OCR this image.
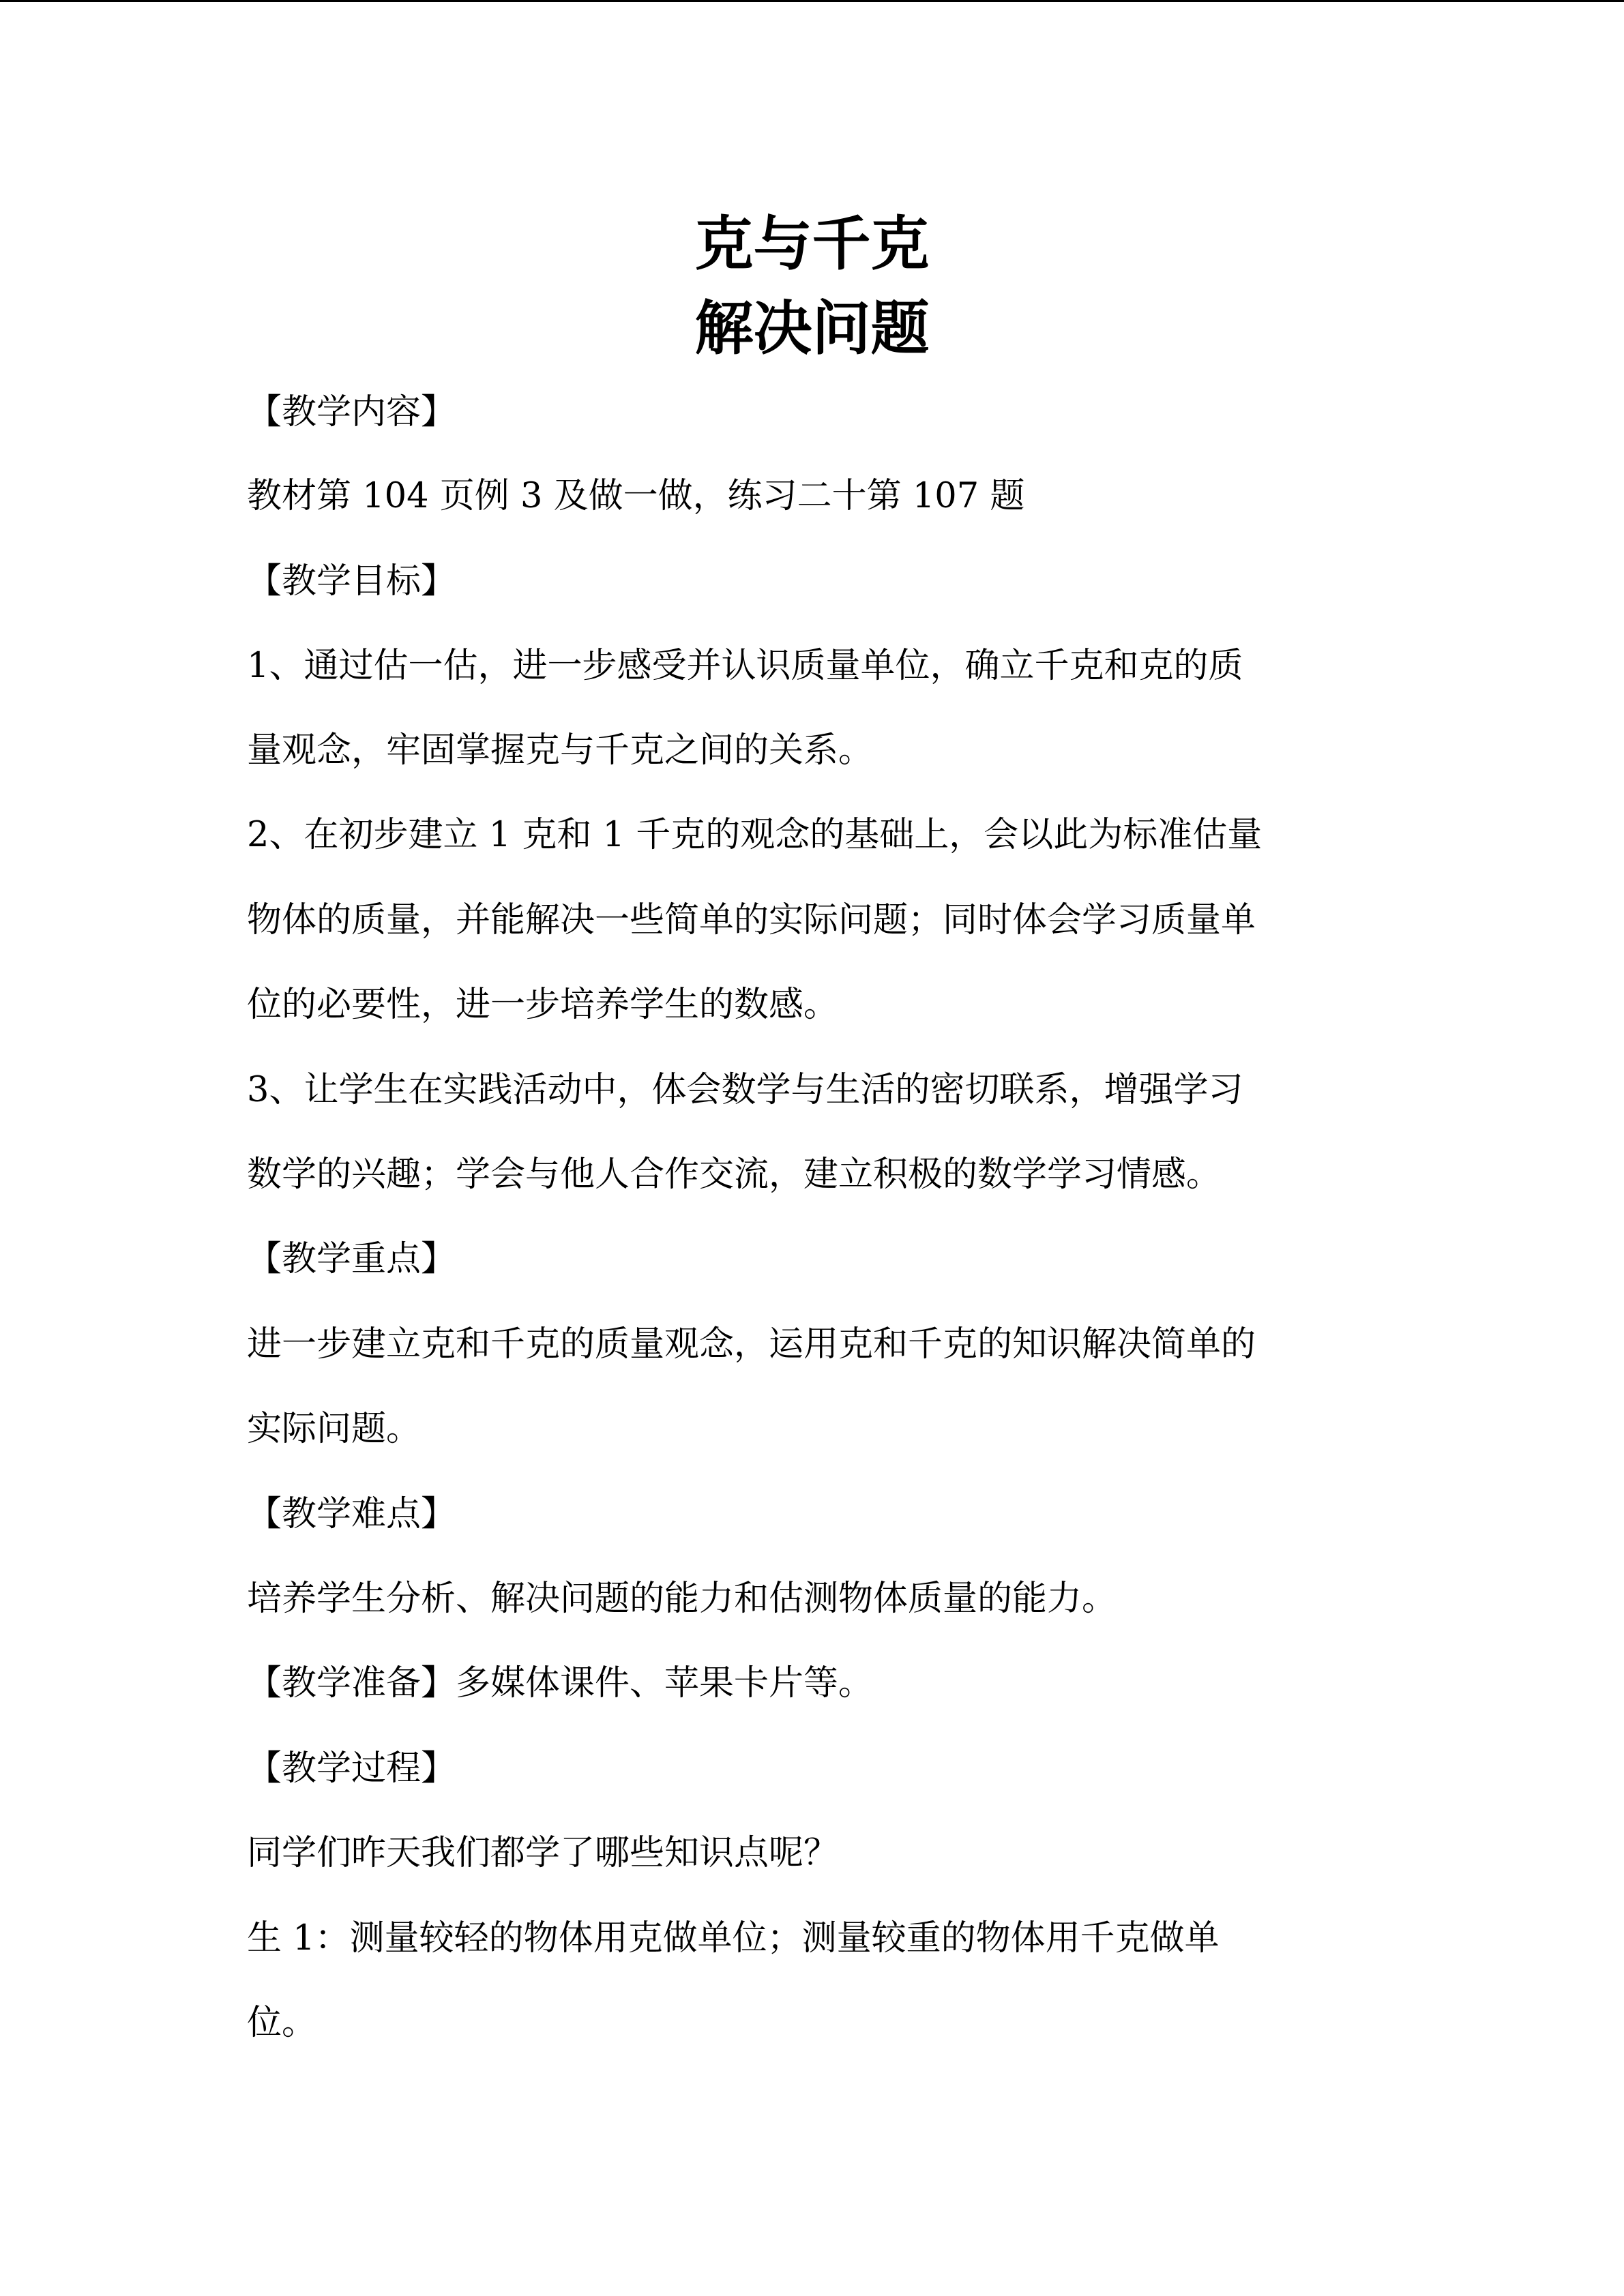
克与千克
解决问题
【教学内容】
教材第 104 页例 3 及做一做，练习二十第 107 题
【教学目标】
1、通过估一估，进一步感受并认识质量单位，确立千克和克的质
量观念，牢固掌握克与千克之间的关系。
2、在初步建立 1 克和 1 千克的观念的基础上，会以此为标准估量
物体的质量，并能解决一些简单的实际问题；同时体会学习质量单
位的必要性，进一步培养学生的数感。
3、让学生在实践活动中，体会数学与生活的密切联系，增强学习
数学的兴趣；学会与他人合作交流，建立积极的数学学习情感。
【教学重点】
进一步建立克和千克的质量观念，运用克和千克的知识解决简单的
实际问题。
【教学难点】
培养学生分析、解决问题的能力和估测物体质量的能力。
【教学准备】多媒体课件、苹果卡片等。
【教学过程】
同学们昨天我们都学了哪些知识点呢？
生 1：测量较轻的物体用克做单位；测量较重的物体用千克做单
位。
